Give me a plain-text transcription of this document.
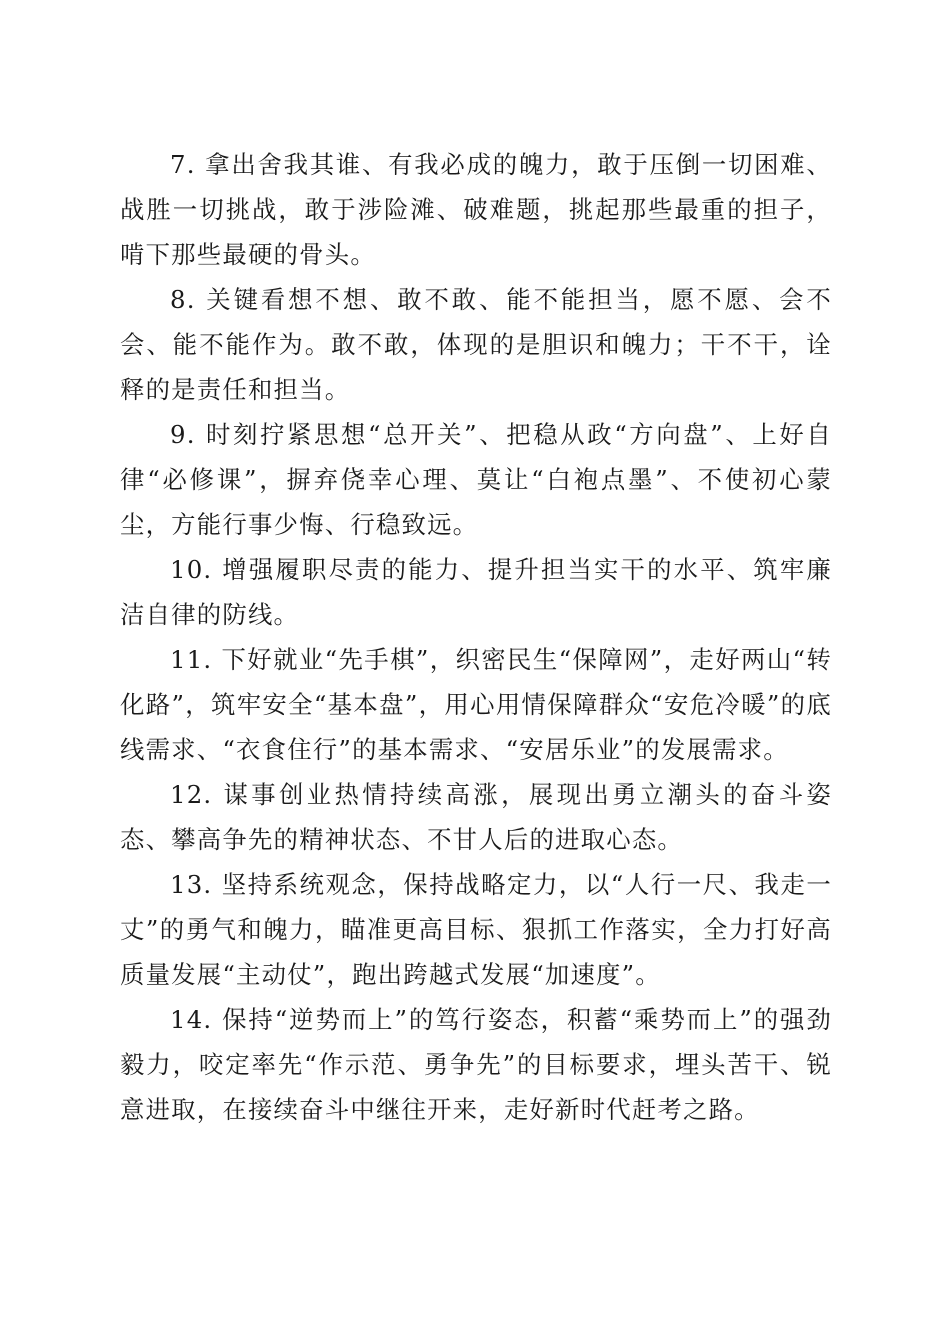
7. 拿出舍我其谁、有我必成的魄力，敢于压倒一切困难、战胜一切挑战，敢于涉险滩、破难题，挑起那些最重的担子，啃下那些最硬的骨头。

8. 关键看想不想、敢不敢、能不能担当，愿不愿、会不会、能不能作为。敢不敢，体现的是胆识和魄力；干不干，诠释的是责任和担当。

9. 时刻拧紧思想“总开关”、把稳从政“方向盘”、上好自律“必修课”，摒弃侥幸心理、莫让“白袍点墨”、不使初心蒙尘，方能行事少悔、行稳致远。

10. 增强履职尽责的能力、提升担当实干的水平、筑牢廉洁自律的防线。

11. 下好就业“先手棋”，织密民生“保障网”，走好两山“转化路”，筑牢安全“基本盘”，用心用情保障群众“安危冷暖”的底线需求、“衣食住行”的基本需求、“安居乐业”的发展需求。

12. 谋事创业热情持续高涨，展现出勇立潮头的奋斗姿态、攀高争先的精神状态、不甘人后的进取心态。

13. 坚持系统观念，保持战略定力，以“人行一尺、我走一丈”的勇气和魄力，瞄准更高目标、狠抓工作落实，全力打好高质量发展“主动仗”，跑出跨越式发展“加速度”。

14. 保持“逆势而上”的笃行姿态，积蓄“乘势而上”的强劲毅力，咬定率先“作示范、勇争先”的目标要求，埋头苦干、锐意进取，在接续奋斗中继往开来，走好新时代赶考之路。
